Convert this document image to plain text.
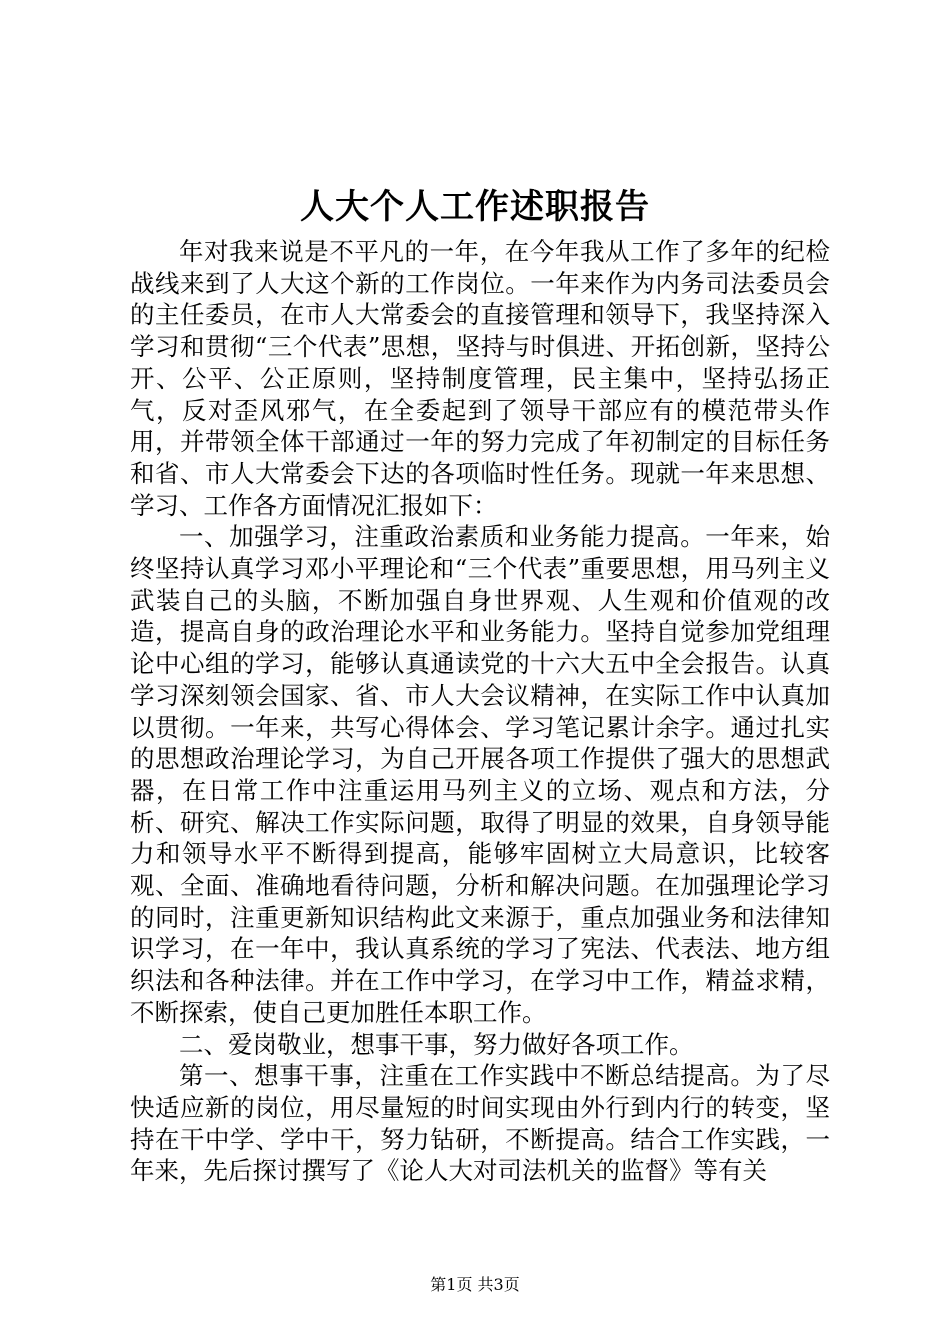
人大个人工作述职报告

年对我来说是不平凡的一年，在今年我从工作了多年的纪检战线来到了人大这个新的工作岗位。一年来作为内务司法委员会的主任委员，在市人大常委会的直接管理和领导下，我坚持深入学习和贯彻“三个代表”思想，坚持与时俱进、开拓创新，坚持公开、公平、公正原则，坚持制度管理，民主集中，坚持弘扬正气，反对歪风邪气，在全委起到了领导干部应有的模范带头作用，并带领全体干部通过一年的努力完成了年初制定的目标任务和省、市人大常委会下达的各项临时性任务。现就一年来思想、学习、工作各方面情况汇报如下：

一、加强学习，注重政治素质和业务能力提高。一年来，始终坚持认真学习邓小平理论和“三个代表”重要思想，用马列主义武装自己的头脑，不断加强自身世界观、人生观和价值观的改造，提高自身的政治理论水平和业务能力。坚持自觉参加党组理论中心组的学习，能够认真通读党的十六大五中全会报告。认真学习深刻领会国家、省、市人大会议精神，在实际工作中认真加以贯彻。一年来，共写心得体会、学习笔记累计余字。通过扎实的思想政治理论学习，为自己开展各项工作提供了强大的思想武器，在日常工作中注重运用马列主义的立场、观点和方法，分析、研究、解决工作实际问题，取得了明显的效果，自身领导能力和领导水平不断得到提高，能够牢固树立大局意识，比较客观、全面、准确地看待问题，分析和解决问题。在加强理论学习的同时，注重更新知识结构此文来源于，重点加强业务和法律知识学习，在一年中，我认真系统的学习了宪法、代表法、地方组织法和各种法律。并在工作中学习，在学习中工作，精益求精，不断探索，使自己更加胜任本职工作。

二、爱岗敬业，想事干事，努力做好各项工作。

第一、想事干事，注重在工作实践中不断总结提高。为了尽快适应新的岗位，用尽量短的时间实现由外行到内行的转变，坚持在干中学、学中干，努力钻研，不断提高。结合工作实践，一年来，先后探讨撰写了《论人大对司法机关的监督》等有关

第1页 共3页
